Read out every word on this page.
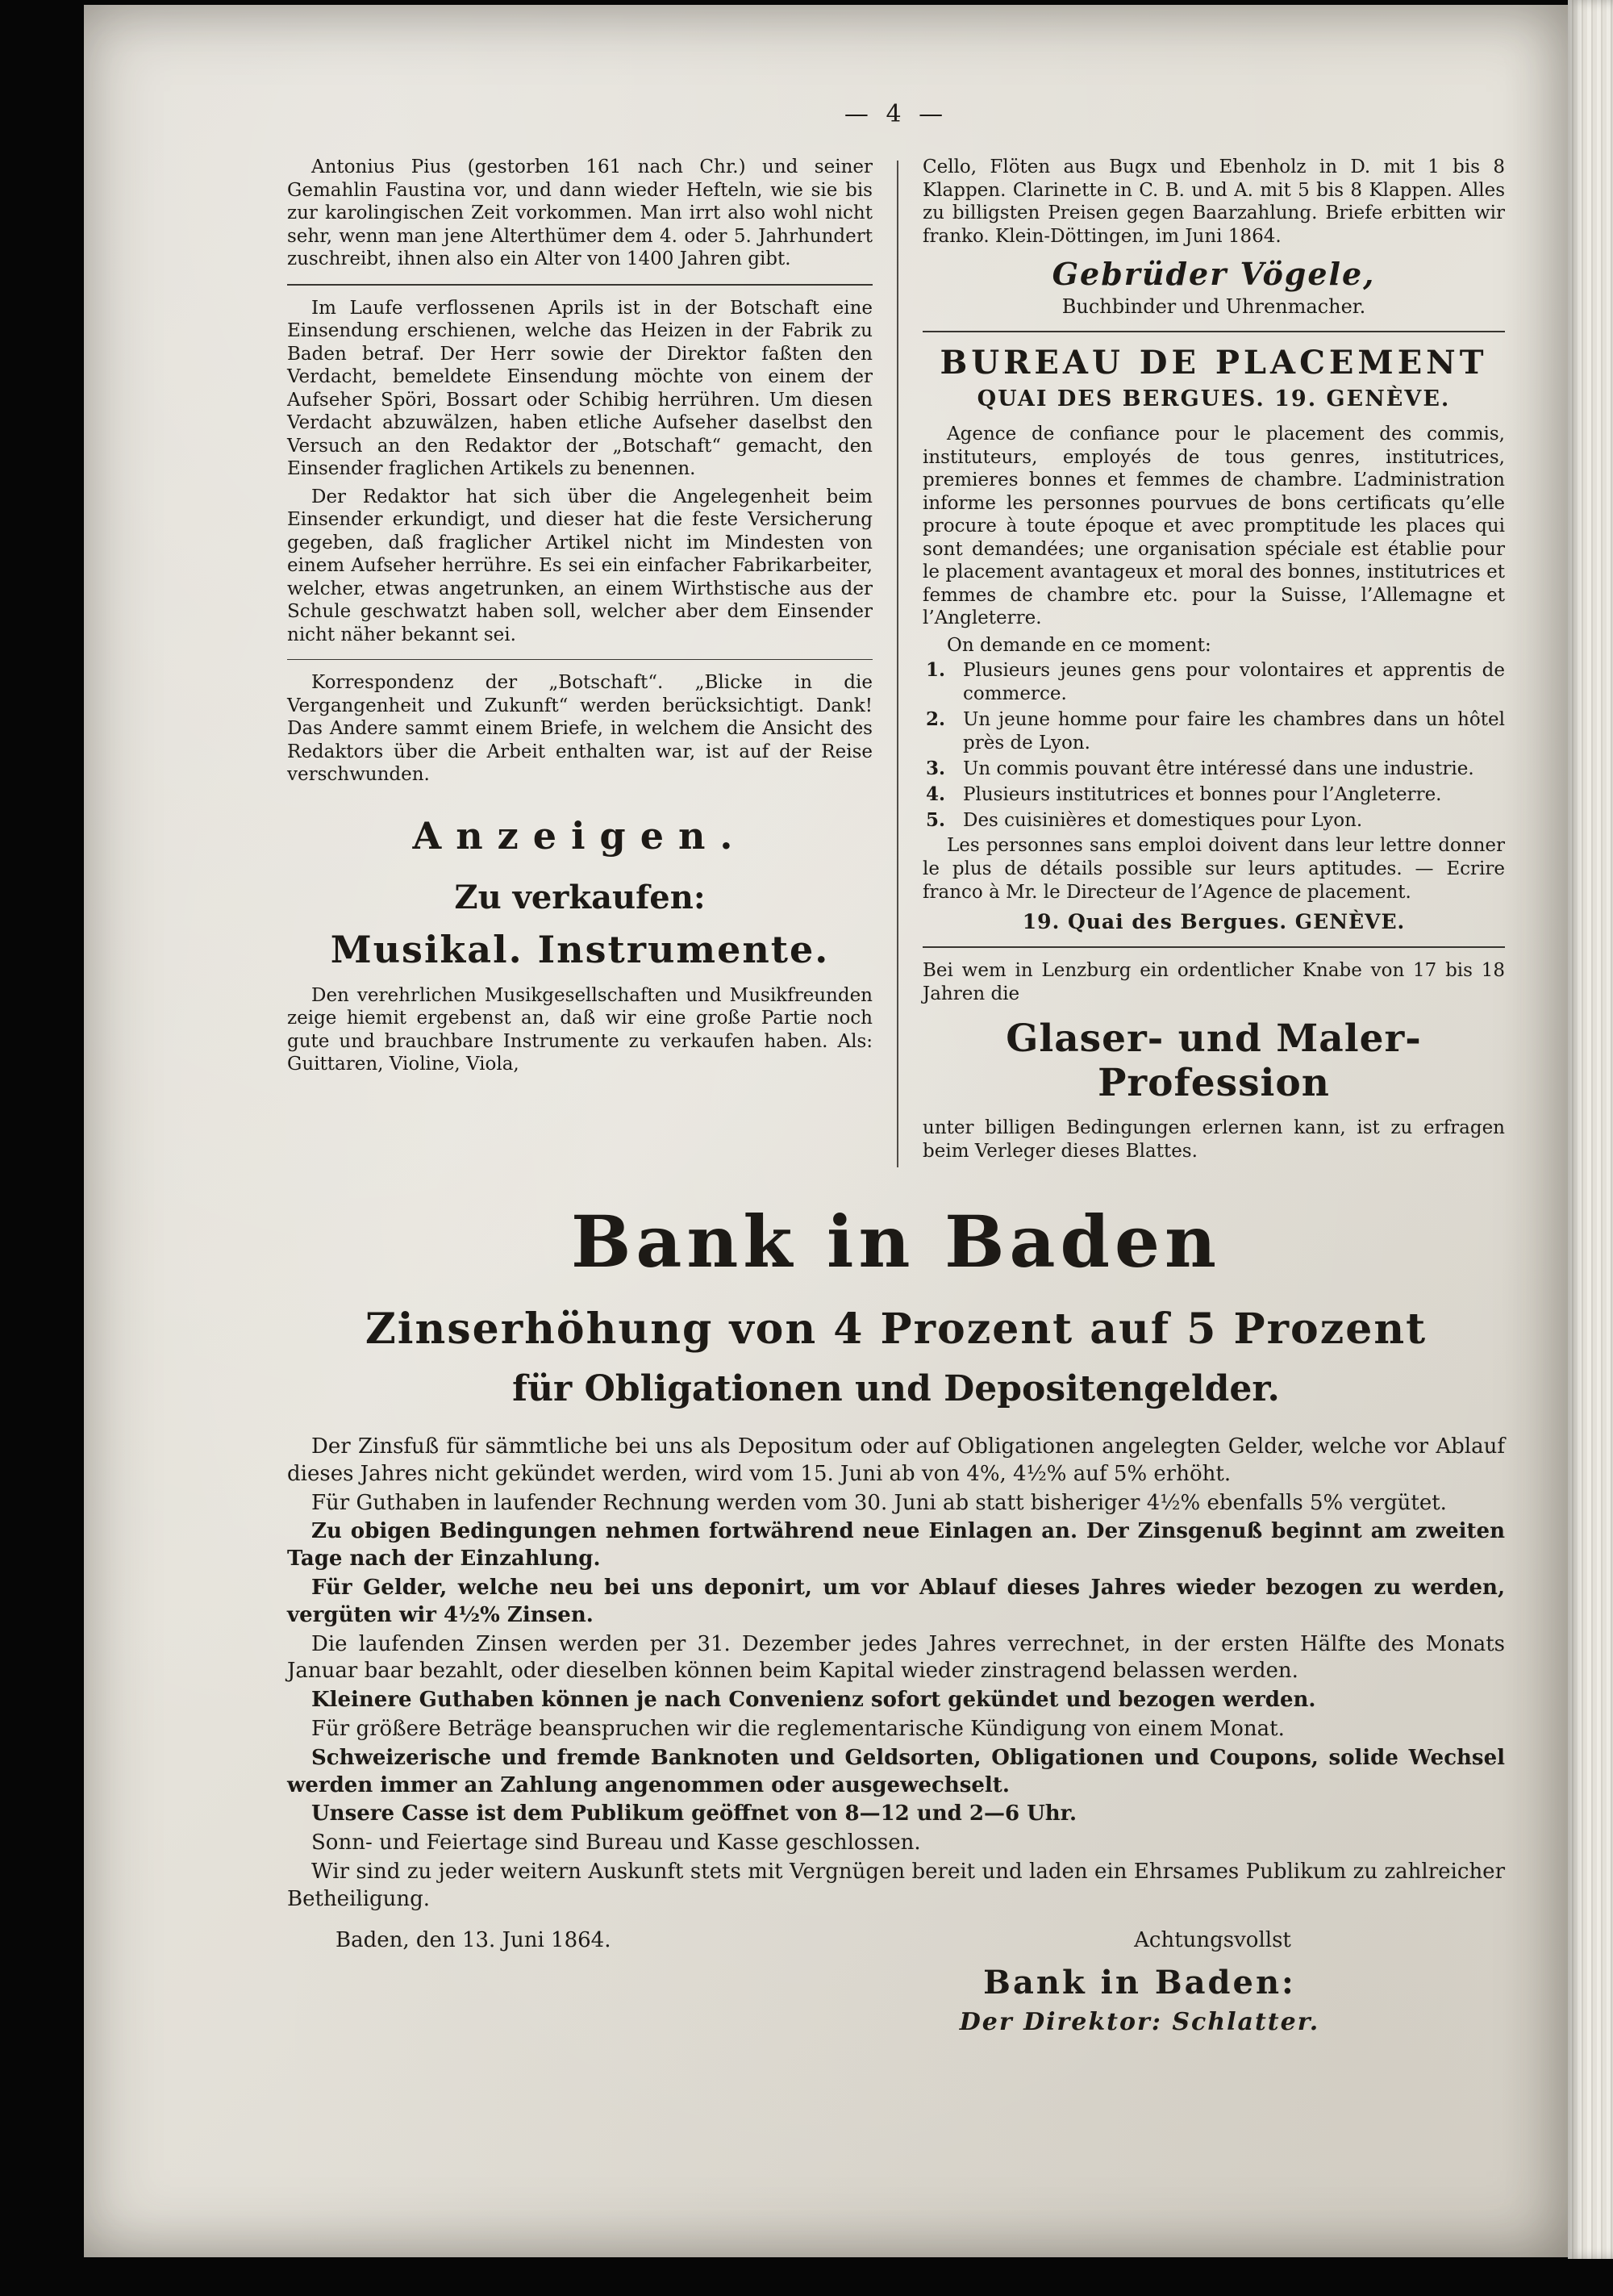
— 4 —

Antonius Pius (gestorben 161 nach Chr.) und seiner Gemahlin Faustina vor, und dann wieder Hefteln, wie sie bis zur karolingischen Zeit vorkommen. Man irrt also wohl nicht sehr, wenn man jene Alterthümer dem 4. oder 5. Jahrhundert zuschreibt, ihnen also ein Alter von 1400 Jahren gibt.

Im Laufe verflossenen Aprils ist in der Botschaft eine Einsendung erschienen, welche das Heizen in der Fabrik zu Baden betraf. Der Herr sowie der Direktor faßten den Verdacht, bemeldete Einsendung möchte von einem der Aufseher Spöri, Bossart oder Schibig herrühren. Um diesen Verdacht abzuwälzen, haben etliche Aufseher daselbst den Versuch an den Redaktor der „Botschaft“ gemacht, den Einsender fraglichen Artikels zu benennen.

Der Redaktor hat sich über die Angelegenheit beim Einsender erkundigt, und dieser hat die feste Versicherung gegeben, daß fraglicher Artikel nicht im Mindesten von einem Aufseher herrühre. Es sei ein einfacher Fabrikarbeiter, welcher, etwas angetrunken, an einem Wirthstische aus der Schule geschwatzt haben soll, welcher aber dem Einsender nicht näher bekannt sei.

Korrespondenz der „Botschaft“. „Blicke in die Vergangenheit und Zukunft“ werden berücksichtigt. Dank! Das Andere sammt einem Briefe, in welchem die Ansicht des Redaktors über die Arbeit enthalten war, ist auf der Reise verschwunden.

Anzeigen.
Zu verkaufen:
Musikal. Instrumente.

Den verehrlichen Musikgesellschaften und Musikfreunden zeige hiemit ergebenst an, daß wir eine große Partie noch gute und brauchbare Instrumente zu verkaufen haben. Als: Guittaren, Violine, Viola,

Cello, Flöten aus Bugx und Ebenholz in D. mit 1 bis 8 Klappen. Clarinette in C. B. und A. mit 5 bis 8 Klappen. Alles zu billigsten Preisen gegen Baarzahlung. Briefe erbitten wir franko. Klein-Döttingen, im Juni 1864.

Gebrüder Vögele,
Buchbinder und Uhrenmacher.
BUREAU DE PLACEMENT
QUAI DES BERGUES. 19. GENÈVE.

Agence de confiance pour le placement des commis, instituteurs, employés de tous genres, institutrices, premieres bonnes et femmes de chambre. L’administration informe les personnes pourvues de bons certificats qu’elle procure à toute époque et avec promptitude les places qui sont demandées; une organisation spéciale est établie pour le placement avantageux et moral des bonnes, institutrices et femmes de chambre etc. pour la Suisse, l’Allemagne et l’Angleterre.

On demande en ce moment:

1. Plusieurs jeunes gens pour volontaires et apprentis de commerce.
2. Un jeune homme pour faire les chambres dans un hôtel près de Lyon.
3. Un commis pouvant être intéressé dans une industrie.
4. Plusieurs institutrices et bonnes pour l’Angleterre.
5. Des cuisinières et domestiques pour Lyon.

Les personnes sans emploi doivent dans leur lettre donner le plus de détails possible sur leurs aptitudes. — Ecrire franco à Mr. le Directeur de l’Agence de placement.

19. Quai des Bergues. GENÈVE.

Bei wem in Lenzburg ein ordentlicher Knabe von 17 bis 18 Jahren die

Glaser- und Maler-Profession

unter billigen Bedingungen erlernen kann, ist zu erfragen beim Verleger dieses Blattes.

Bank in Baden
Zinserhöhung von 4 Prozent auf 5 Prozent
für Obligationen und Depositengelder.

Der Zinsfuß für sämmtliche bei uns als Depositum oder auf Obligationen angelegten Gelder, welche vor Ablauf dieses Jahres nicht gekündet werden, wird vom 15. Juni ab von 4%, 4½% auf 5% erhöht.

Für Guthaben in laufender Rechnung werden vom 30. Juni ab statt bisheriger 4½% ebenfalls 5% vergütet.

Zu obigen Bedingungen nehmen fortwährend neue Einlagen an. Der Zinsgenuß beginnt am zweiten Tage nach der Einzahlung.

Für Gelder, welche neu bei uns deponirt, um vor Ablauf dieses Jahres wieder bezogen zu werden, vergüten wir 4½% Zinsen.

Die laufenden Zinsen werden per 31. Dezember jedes Jahres verrechnet, in der ersten Hälfte des Monats Januar baar bezahlt, oder dieselben können beim Kapital wieder zinstragend belassen werden.

Kleinere Guthaben können je nach Convenienz sofort gekündet und bezogen werden.

Für größere Beträge beanspruchen wir die reglementarische Kündigung von einem Monat.

Schweizerische und fremde Banknoten und Geldsorten, Obligationen und Coupons, solide Wechsel werden immer an Zahlung angenommen oder ausgewechselt.

Unsere Casse ist dem Publikum geöffnet von 8—12 und 2—6 Uhr.

Sonn- und Feiertage sind Bureau und Kasse geschlossen.

Wir sind zu jeder weitern Auskunft stets mit Vergnügen bereit und laden ein Ehrsames Publikum zu zahlreicher Betheiligung.

Baden, den 13. Juni 1864.	Achtungsvollst
Bank in Baden:
Der Direktor: Schlatter.
